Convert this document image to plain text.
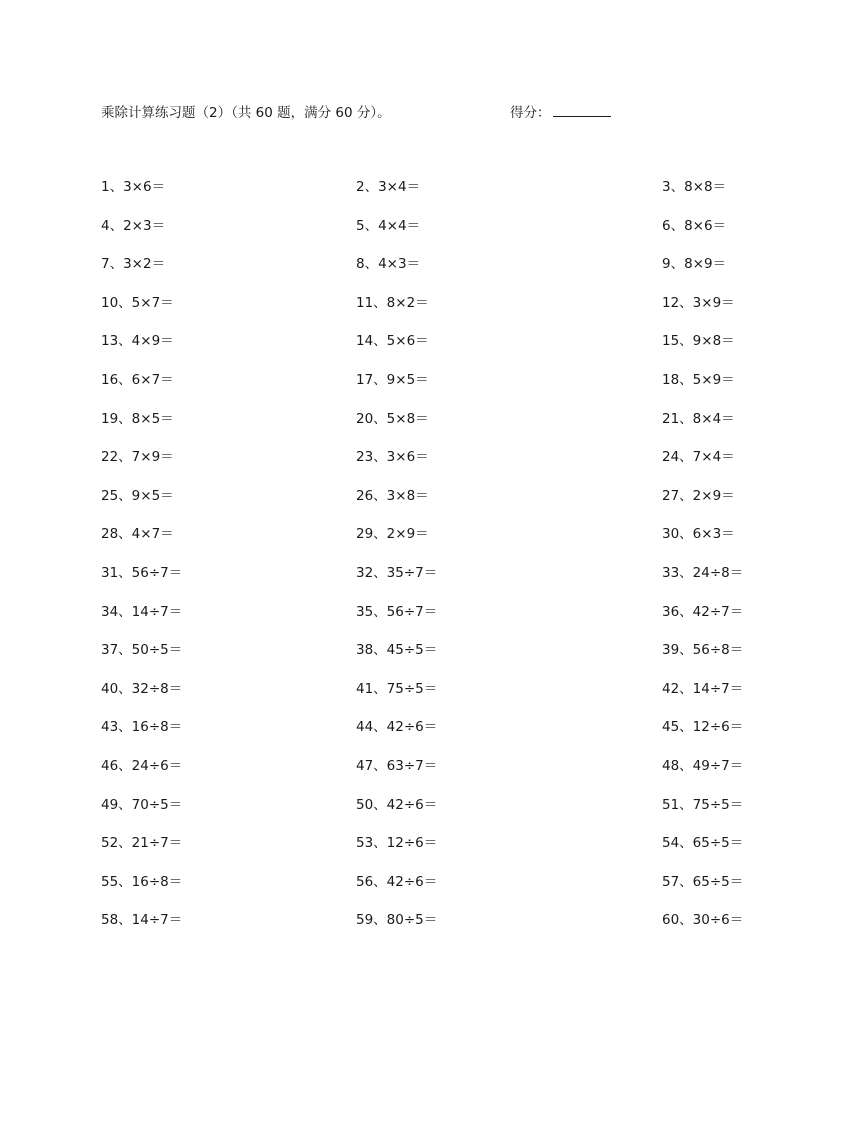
乘除计算练习题（2）（共 60 题，满分 60 分）。	得分：
1、3×6＝	2、3×4＝	3、8×8＝
4、2×3＝	5、4×4＝	6、8×6＝
7、3×2＝	8、4×3＝	9、8×9＝
10、5×7＝	11、8×2＝	12、3×9＝
13、4×9＝	14、5×6＝	15、9×8＝
16、6×7＝	17、9×5＝	18、5×9＝
19、8×5＝	20、5×8＝	21、8×4＝
22、7×9＝	23、3×6＝	24、7×4＝
25、9×5＝	26、3×8＝	27、2×9＝
28、4×7＝	29、2×9＝	30、6×3＝
31、56÷7＝	32、35÷7＝	33、24÷8＝
34、14÷7＝	35、56÷7＝	36、42÷7＝
37、50÷5＝	38、45÷5＝	39、56÷8＝
40、32÷8＝	41、75÷5＝	42、14÷7＝
43、16÷8＝	44、42÷6＝	45、12÷6＝
46、24÷6＝	47、63÷7＝	48、49÷7＝
49、70÷5＝	50、42÷6＝	51、75÷5＝
52、21÷7＝	53、12÷6＝	54、65÷5＝
55、16÷8＝	56、42÷6＝	57、65÷5＝
58、14÷7＝	59、80÷5＝	60、30÷6＝
